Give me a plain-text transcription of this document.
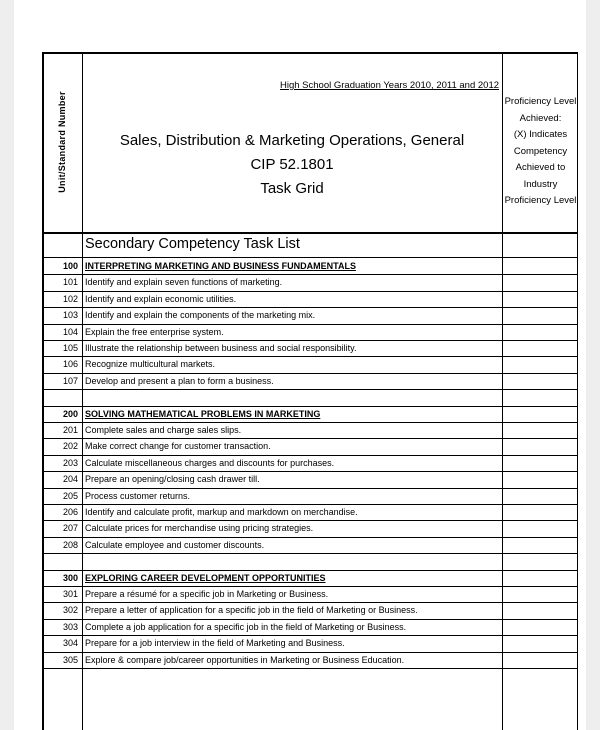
Unit/Standard Number
High School Graduation Years 2010, 2011 and 2012
Sales, Distribution & Marketing Operations, General
CIP 52.1801
Task Grid
Proficiency Level
Achieved:
(X) Indicates
Competency
Achieved to Industry
Proficiency Level
Secondary Competency Task List
100 INTERPRETING MARKETING AND BUSINESS FUNDAMENTALS
101 Identify and explain seven functions of marketing.
102 Identify and explain economic utilities.
103 Identify and explain the components of the marketing mix.
104 Explain the free enterprise system.
105 Illustrate the relationship between business and social responsibility.
106 Recognize multicultural markets.
107 Develop and present a plan to form a business.
200 SOLVING MATHEMATICAL PROBLEMS IN MARKETING
201 Complete sales and charge sales slips.
202 Make correct change for customer transaction.
203 Calculate miscellaneous charges and discounts for purchases.
204 Prepare an opening/closing cash drawer till.
205 Process customer returns.
206 Identify and calculate profit, markup and markdown on merchandise.
207 Calculate prices for merchandise using pricing strategies.
208 Calculate employee and customer discounts.
300 EXPLORING CAREER DEVELOPMENT OPPORTUNITIES
301 Prepare a résumé for a specific job in Marketing or Business.
302 Prepare a letter of application for a specific job in the field of Marketing or Business.
303 Complete a job application for a specific job in the field of Marketing or Business.
304 Prepare for a job interview in the field of Marketing and Business.
305 Explore & compare job/career opportunities in Marketing or Business Education.
